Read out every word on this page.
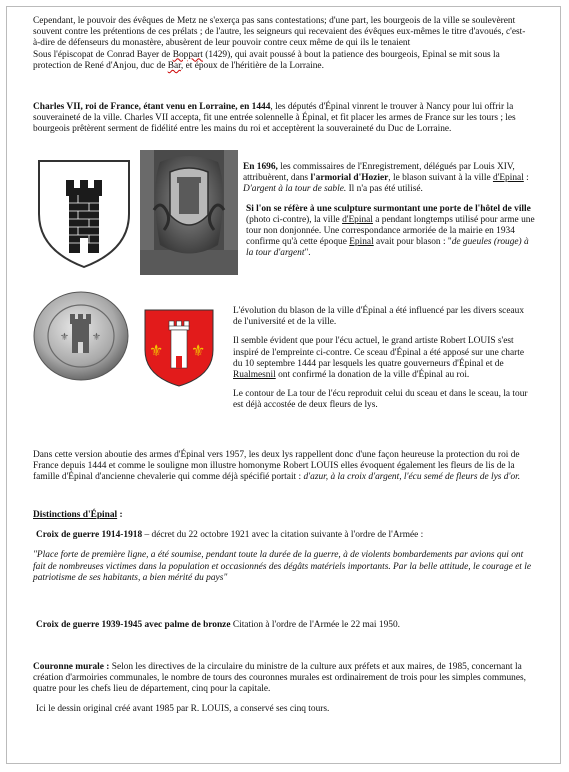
Cependant, le pouvoir des évêques de Metz ne s'exerça pas sans contestations; d'une part, les bourgeois de la ville se soulevèrent souvent contre les prétentions de ces prélats ; de l'autre, les seigneurs qui recevaient des évêques eux-mêmes le titre d'avoués, c'est-à-dire de défenseurs du monastère, abusèrent de leur pouvoir contre ceux même de qui ils le tenaient

Sous l'épiscopat de Conrad Bayer de Boppart (1429), qui avait poussé à bout la patience des bourgeois, Epinal se mit sous la protection de René d'Anjou, duc de Bar, et époux de l'héritière de la Lorraine.

Charles VII, roi de France, étant venu en Lorraine, en 1444, les députés d'Épinal vinrent le trouver à Nancy pour lui offrir la souveraineté de la ville. Charles VII accepta, fit une entrée solennelle à Épinal, et fit placer les armes de France sur les tours ; les bourgeois prêtèrent serment de fidélité entre les mains du roi et acceptèrent la souveraineté du Duc de Lorraine.

En 1696, les commissaires de l'Enregistrement, délégués par Louis XIV, attribuèrent, dans l'armorial d'Hozier, le blason suivant à la ville d'Epinal : D'argent à la tour de sable. Il n'a pas été utilisé.

Si l'on se réfère à une sculpture surmontant une porte de l'hôtel de ville (photo ci-contre), la ville d'Epinal a pendant longtemps utilisé pour arme une tour non donjonnée. Une correspondance armoriée de la mairie en 1934 confirme qu'à cette époque Epinal avait pour blason : "de gueules (rouge) à la tour d'argent".

⚜ ⚜
⚜ ⚜

L'évolution du blason de la ville d'Épinal a été influencé par les divers sceaux de l'université et de la ville.

Il semble évident que pour l'écu actuel, le grand artiste Robert LOUIS s'est inspiré de l'empreinte ci-contre. Ce sceau d'Épinal a été apposé sur une charte du 10 septembre 1444 par lesquels les quatre gouverneurs d'Épinal et de Rualmesnil ont confirmé la donation de la ville d'Épinal au roi.

Le contour de La tour de l'écu reproduit celui du sceau et dans le sceau, la tour est déjà accostée de deux fleurs de lys.

Dans cette version aboutie des armes d'Épinal vers 1957, les deux lys rappellent donc d'une façon heureuse la protection du roi de France depuis 1444 et comme le souligne mon illustre homonyme Robert LOUIS elles évoquent également les fleurs de lis de la famille d'Épinal d'ancienne chevalerie qui comme déjà spécifié portait : d'azur, à la croix d'argent, l'écu semé de fleurs de lys d'or.

Distinctions d'Épinal :

Croix de guerre 1914-1918 – décret du 22 octobre 1921 avec la citation suivante à l'ordre de l'Armée :

"Place forte de première ligne, a été soumise, pendant toute la durée de la guerre, à de violents bombardements par avions qui ont fait de nombreuses victimes dans la population et occasionnés des dégâts matériels importants. Par la belle attitude, le courage et le patriotisme de ses habitants, a bien mérité du pays"

Croix de guerre 1939-1945 avec palme de bronze Citation à l'ordre de l'Armée le 22 mai 1950.

Couronne murale : Selon les directives de la circulaire du ministre de la culture aux préfets et aux maires, de 1985, concernant la création d'armoiries communales, le nombre de tours des couronnes murales est ordinairement de trois pour les simples communes, quatre pour les chefs lieu de département, cinq pour la capitale.

Ici le dessin original créé avant 1985 par R. LOUIS, a conservé ses cinq tours.
